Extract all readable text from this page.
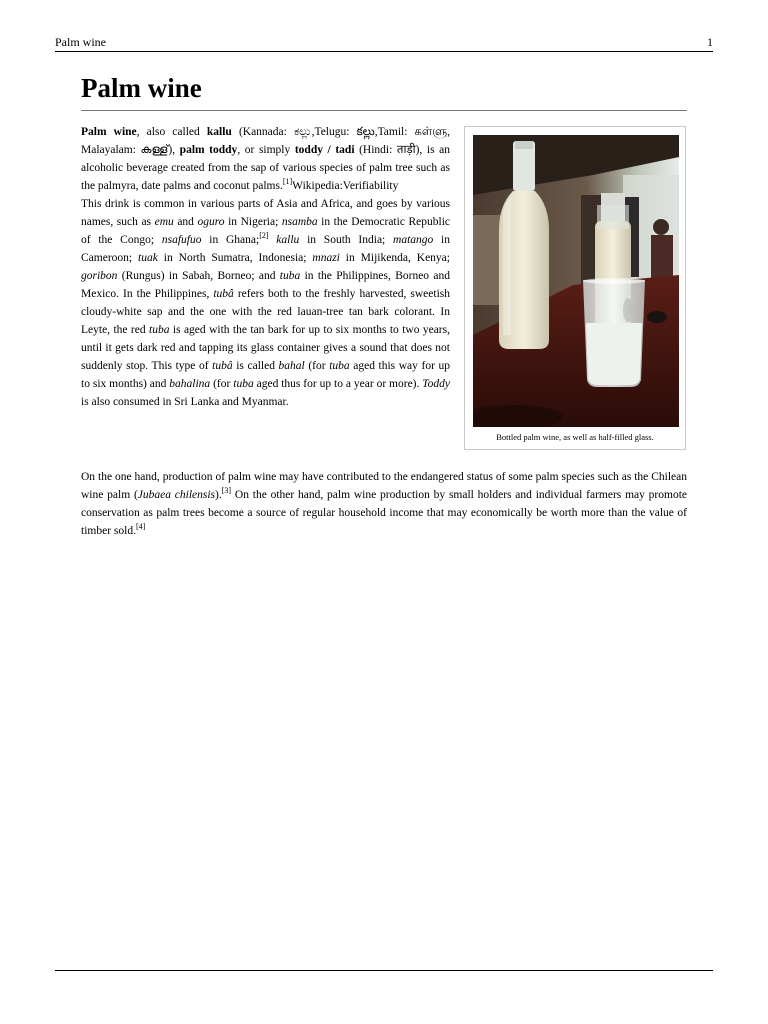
Palm wine	1
Palm wine

Palm wine, also called kallu (Kannada: ಕಲ್ಲು,Telugu: కల్లు,Tamil: கள்ளு, Malayalam: കള്ള്), palm toddy, or simply toddy / tadi (Hindi: ताड़ी), is an alcoholic beverage created from the sap of various species of palm tree such as the palmyra, date palms and coconut palms.[1]Wikipedia:Verifiability

This drink is common in various parts of Asia and Africa, and goes by various names, such as emu and oguro in Nigeria; nsamba in the Democratic Republic of the Congo; nsafufuo in Ghana;[2] kallu in South India; matango in Cameroon; tuak in North Sumatra, Indonesia; mnazi in Mijikenda, Kenya; goribon (Rungus) in Sabah, Borneo; and tuba in the Philippines, Borneo and Mexico. In the Philippines, tubâ refers both to the freshly harvested, sweetish cloudy-white sap and the one with the red lauan-tree tan bark colorant. In Leyte, the red tuba is aged with the tan bark for up to six months to two years, until it gets dark red and tapping its glass container gives a sound that does not suddenly stop. This type of tubâ is called bahal (for tuba aged this way for up to six months) and bahalina (for tuba aged thus for up to a year or more). Toddy is also consumed in Sri Lanka and Myanmar.

Bottled palm wine, as well as half-filled glass.

On the one hand, production of palm wine may have contributed to the endangered status of some palm species such as the Chilean wine palm (Jubaea chilensis).[3] On the other hand, palm wine production by small holders and individual farmers may promote conservation as palm trees become a source of regular household income that may economically be worth more than the value of timber sold.[4]
